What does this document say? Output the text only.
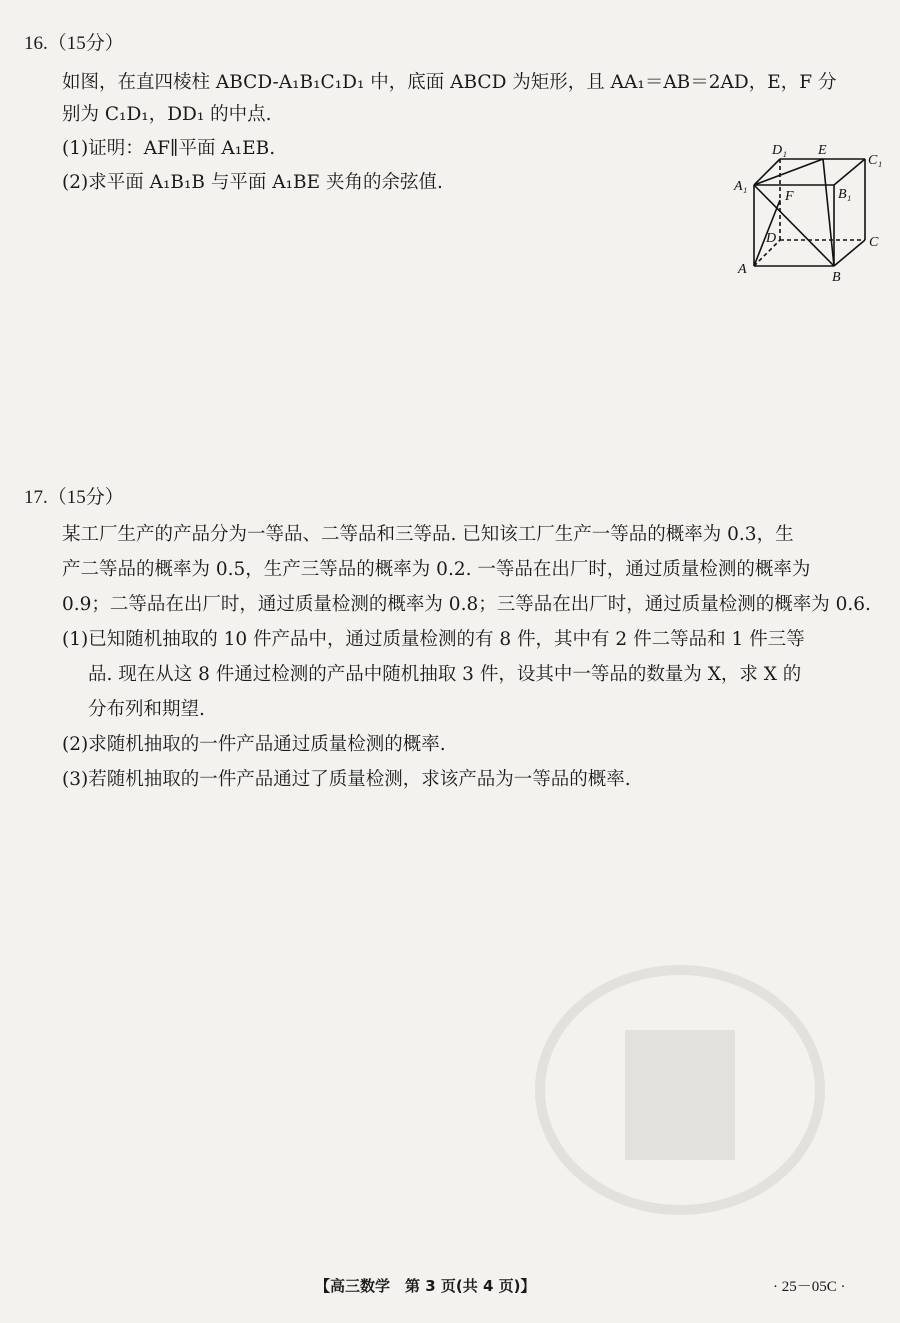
16.（15分）
如图，在直四棱柱 ABCD-A₁B₁C₁D₁ 中，底面 ABCD 为矩形，且 AA₁＝AB＝2AD，E，F 分
别为 C₁D₁，DD₁ 的中点.
(1)证明：AF∥平面 A₁EB.
(2)求平面 A₁B₁B 与平面 A₁BE 夹角的余弦值.
D₁ E
C₁
A₁
F	B₁
D	C
A
B
17.（15分）
某工厂生产的产品分为一等品、二等品和三等品. 已知该工厂生产一等品的概率为 0.3，生
产二等品的概率为 0.5，生产三等品的概率为 0.2. 一等品在出厂时，通过质量检测的概率为
0.9；二等品在出厂时，通过质量检测的概率为 0.8；三等品在出厂时，通过质量检测的概率为 0.6.
(1)已知随机抽取的 10 件产品中，通过质量检测的有 8 件，其中有 2 件二等品和 1 件三等
品. 现在从这 8 件通过检测的产品中随机抽取 3 件，设其中一等品的数量为 X，求 X 的
分布列和期望.
(2)求随机抽取的一件产品通过质量检测的概率.
(3)若随机抽取的一件产品通过了质量检测，求该产品为一等品的概率.
【高三数学　第 3 页(共 4 页)】	· 25－05C ·
